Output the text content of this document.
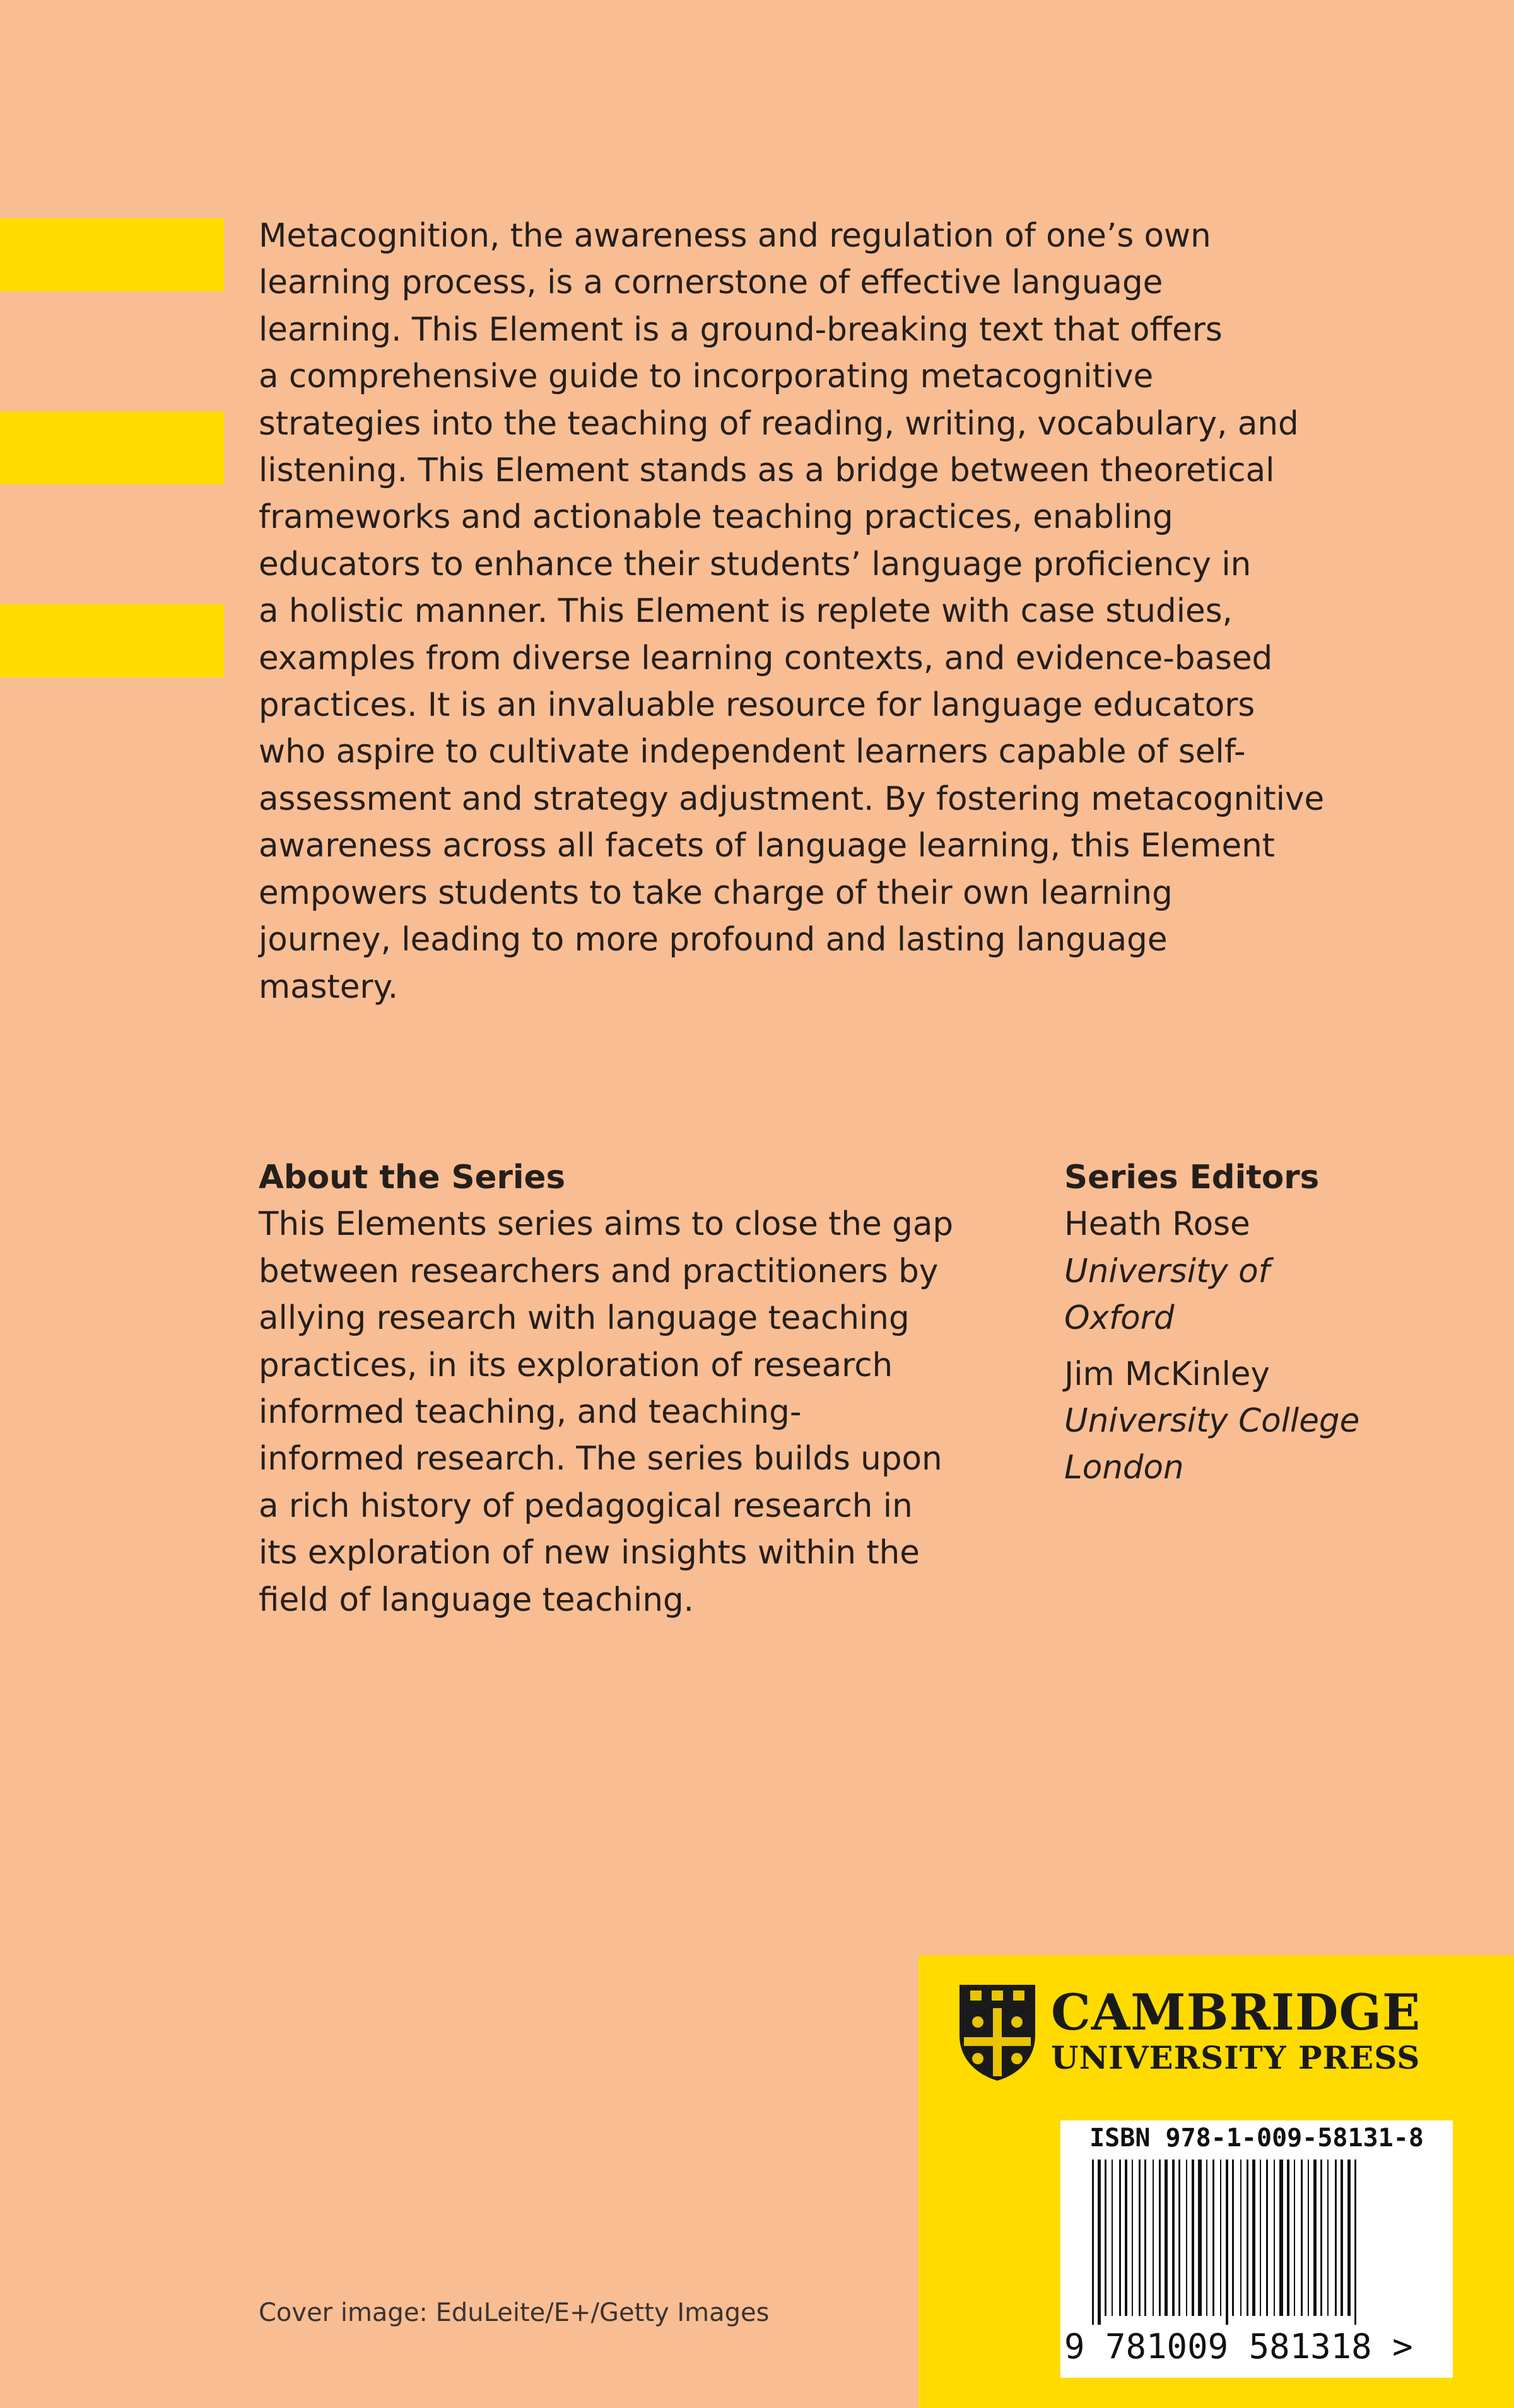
Metacognition, the awareness and regulation of one’s own
learning process, is a cornerstone of effective language
learning. This Element is a ground-breaking text that offers
a comprehensive guide to incorporating metacognitive
strategies into the teaching of reading, writing, vocabulary, and
listening. This Element stands as a bridge between theoretical
frameworks and actionable teaching practices, enabling
educators to enhance their students’ language proficiency in
a holistic manner. This Element is replete with case studies,
examples from diverse learning contexts, and evidence-based
practices. It is an invaluable resource for language educators
who aspire to cultivate independent learners capable of self-
assessment and strategy adjustment. By fostering metacognitive
awareness across all facets of language learning, this Element
empowers students to take charge of their own learning
journey, leading to more profound and lasting language
mastery.
About the Series
This Elements series aims to close the gap
between researchers and practitioners by
allying research with language teaching
practices, in its exploration of research
informed teaching, and teaching-
informed research. The series builds upon
a rich history of pedagogical research in
its exploration of new insights within the
field of language teaching.
Series Editors
Heath Rose
University of
Oxford
Jim McKinley
University College
London
Cover image: EduLeite/E+/Getty Images
CAMBRIDGE
UNIVERSITY PRESS
ISBN 978-1-009-58131-8
9 781009 581318 >
